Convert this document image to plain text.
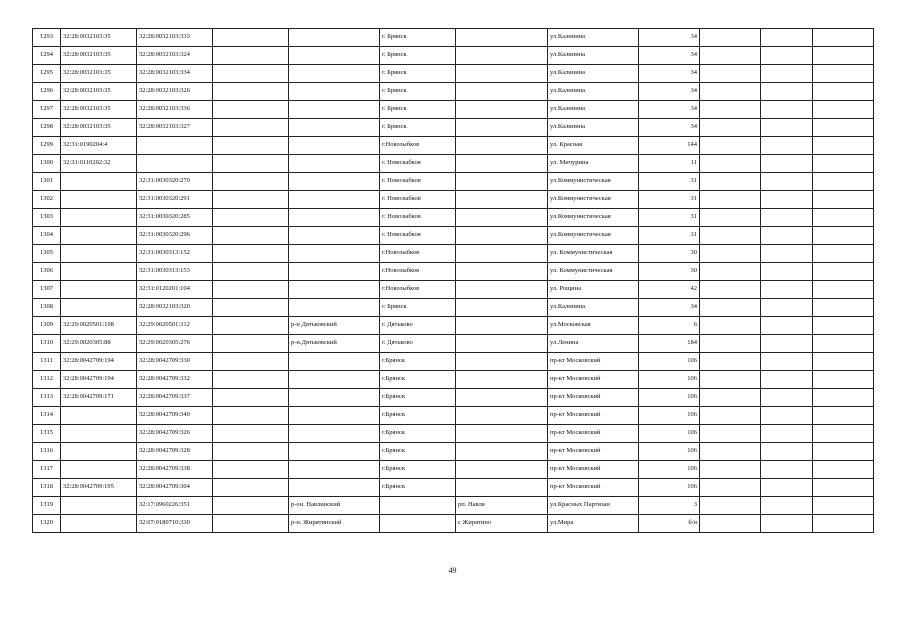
1293	32:28:0032103:35	32:28:0032103:333			г. Брянск		ул.Калинина	34			
1294	32:28:0032103:35	32:28:0032103:324			г. Брянск		ул.Калинина	34			
1295	32:28:0032103:35	32:28:0032103:334			г. Брянск		ул.Калинина	34			
1296	32:28:0032103:35	32:28:0032103:326			г. Брянск		ул.Калинина	34			
1297	32:28:0032103:35	32:28:0032103:336			г. Брянск		ул.Калинина	34			
1298	32:28:0032103:35	32:28:0032103:327			г. Брянск		ул.Калинина	34			
1299	32:31:0190204:4				г.Новозыбков		ул. Красная	144			
1300	32:31:0110202:32				г. Новозыбков		ул. Мичурина	11			
1301		32:31:0030320:270			г. Новозыбков		ул.Коммунистическая	31			
1302		32:31:0030320:291			г. Новозыбков		ул.Коммунистическая	31			
1303		32:31:0030320:285			г. Новозыбков		ул.Коммунистическая	31			
1304		32:31:0030320:296			г. Новозыбков		ул.Коммунистическая	31			
1305		32:31:0030313:152			г.Новозыбков		ул. Коммунистическая	30			
1306		32:31:0030313:153			г.Новозыбков		ул. Коммунистическая	30			
1307		32:31:0120201:104			г.Новозыбков		ул. Рощина	42			
1308		32:28:0032103:320			г. Брянск		ул.Калинина	34			
1309	32:29:0020501:198	32:29:0020501:312		р-н Дятьковский	г. Дятьково		ул.Московская	6			
1310	32:29:0020305:88	32:29:0020305:276		р-н.Дятьковский	г. Дятьково		ул.Ленина	184			
1311	32:28:0042709:194	32:28:0042709:330			г.Брянск		пр-кт Московский	106			
1312	32:28:0042709:194	32:28:0042709:332			г.Брянск		пр-кт Московский	106			
1313	32:28:0042709:171	32:28:0042709:337			г.Брянск		пр-кт Московский	106			
1314		32:28:0042709:340			г.Брянск		пр-кт Московский	106			
1315		32:28:0042709:326			г.Брянск		пр-кт Московский	106			
1316		32:28:0042709:328			г.Брянск		пр-кт Московский	106			
1317		32:28:0042709:338			г.Брянск		пр-кт Московский	106			
1318	32:28:0042709:195	32:28:0042709:304			г.Брянск		пр-кт Московский	106			
1319		32:17:0960226:351		р-он. Навлинский		рп. Навля	ул.Красных Партизан	3			
1320		32:07:0180710:330		р-н. Жирятинский		с Жирятино	ул.Мира	б/н			
49
